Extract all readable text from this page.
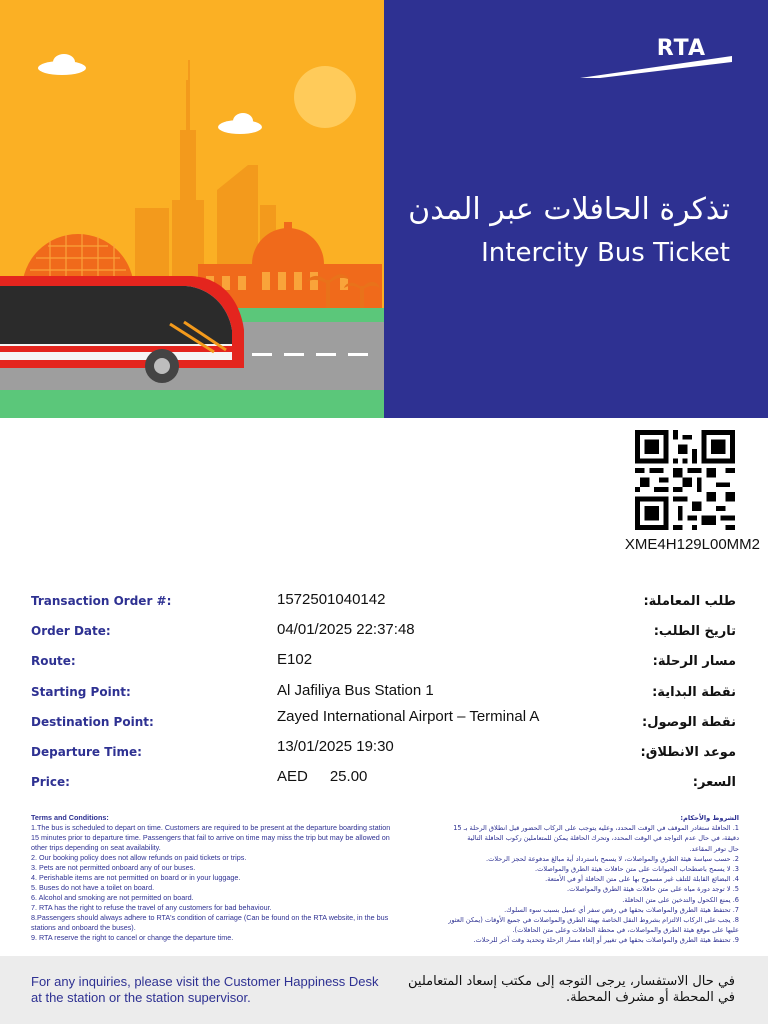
RTA
تذكرة الحافلات عبر المدن
Intercity Bus Ticket
XME4H129L00MM2
Transaction Order #:	1572501040142	طلب المعاملة:
Order Date:	04/01/2025 22:37:48	تاريخ الطلب:
Route:	E102	مسار الرحلة:
Starting Point:	Al Jafiliya Bus Station 1	نقطة البداية:
Destination Point:	Zayed International Airport – Terminal A	نقطة الوصول:
Departure Time:	13/01/2025 19:30	موعد الانطلاق:
Price:	AED 25.00	السعر:
Terms and Conditions:

1.The bus is scheduled to depart on time. Customers are required to be present at the departure boarding station 15 minutes prior to departure time. Passengers that fail to arrive on time may miss the trip but may be allowed on other trips depending on seat availability.

2. Our booking policy does not allow refunds on paid tickets or trips.

3. Pets are not permitted onboard any of our buses.

4. Perishable items are not permitted on board or in your luggage.

5. Buses do not have a toilet on board.

6. Alcohol and smoking are not permitted on board.

7. RTA has the right to refuse the travel of any customers for bad behaviour.

8.Passengers should always adhere to RTA's condition of carriage (Can be found on the RTA website, in the bus stations and onboard the buses).

9. RTA reserve the right to cancel or change the departure time.

الشروط والأحكام:

1. الحافلة ستغادر الموقف في الوقت المحدد، وعليه يتوجب على الركاب الحضور قبل انطلاق الرحلة بـ 15

دقيقة، في حال عدم التواجد في الوقت المحدد، وتحرك الحافلة يمكن للمتعاملين ركوب الحافلة التالية

حال توفر المقاعد.

2. حسب سياسة هيئة الطرق والمواصلات، لا يسمح باسترداد أية مبالغ مدفوعة لحجز الرحلات.

3. لا يسمح باصطحاب الحيوانات على متن حافلات هيئة الطرق والمواصلات.

4. البضائع القابلة للتلف غير مسموح بها على متن الحافلة أو في الأمتعة.

5. لا توجد دورة مياه على متن حافلات هيئة الطرق والمواصلات.

6. يمنع الكحول والتدخين على متن الحافلة.

7. تحتفظ هيئة الطرق والمواصلات بحقها في رفض سفر أي عميل بسبب سوء السلوك.

8. يجب على الركاب الالتزام بشروط النقل الخاصة بهيئة الطرق والمواصلات في جميع الأوقات (يمكن العثور

عليها على موقع هيئة الطرق والمواصلات، في محطة الحافلات وعلى متن الحافلات).

9. تحتفظ هيئة الطرق والمواصلات بحقها في تغيير أو إلغاء مسار الرحلة وتحديد وقت آخر للرحلات.

For any inquiries, please visit the Customer Happiness Desk at the station or the station supervisor.
في حال الاستفسار، يرجى التوجه إلى مكتب إسعاد المتعاملين في المحطة أو مشرف المحطة.
